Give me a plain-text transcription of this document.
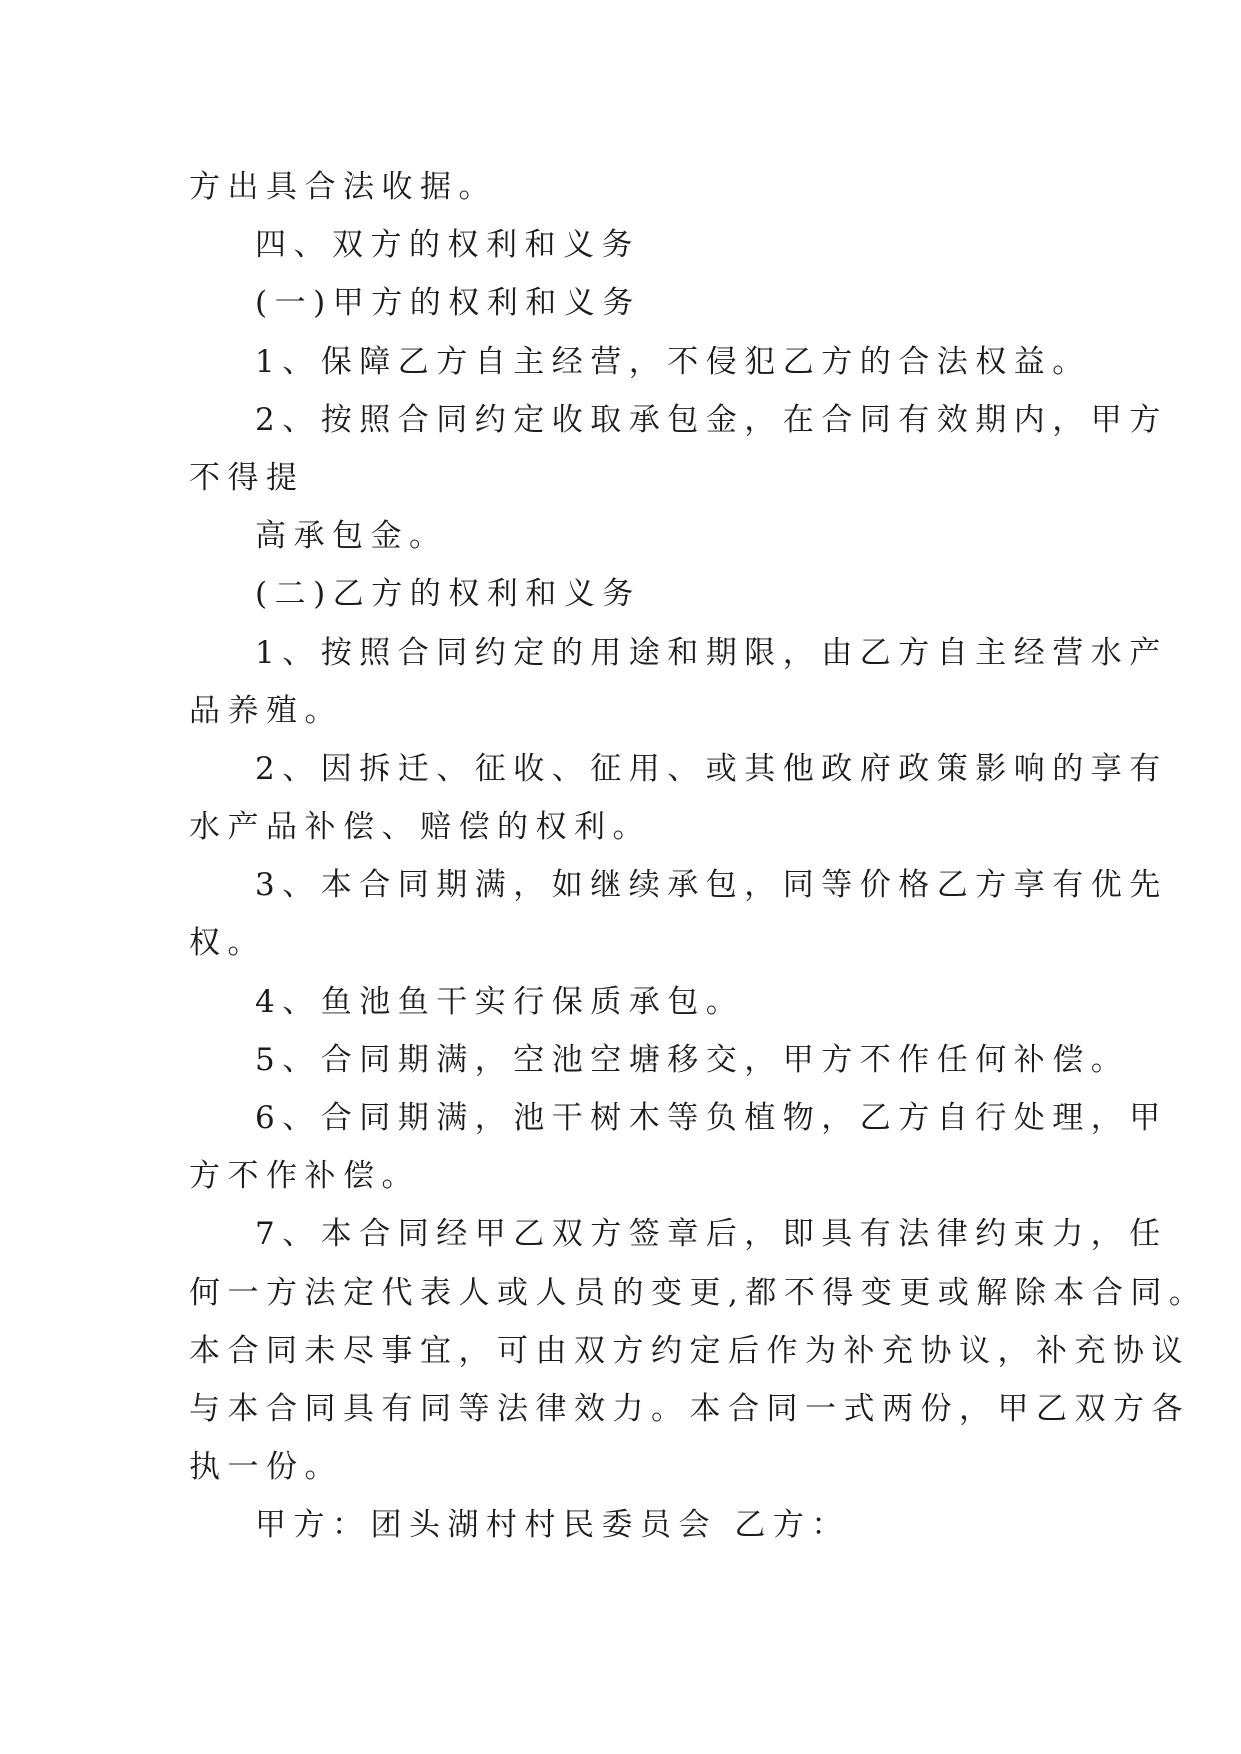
方出具合法收据。
四、双方的权利和义务
(一)甲方的权利和义务
1、保障乙方自主经营，不侵犯乙方的合法权益。
2、按照合同约定收取承包金，在合同有效期内，甲方
不得提
高承包金。
(二)乙方的权利和义务
1、按照合同约定的用途和期限，由乙方自主经营水产
品养殖。
2、因拆迁、征收、征用、或其他政府政策影响的享有
水产品补偿、赔偿的权利。
3、本合同期满，如继续承包，同等价格乙方享有优先
权。
4、鱼池鱼干实行保质承包。
5、合同期满，空池空塘移交，甲方不作任何补偿。
6、合同期满，池干树木等负植物，乙方自行处理，甲
方不作补偿。
7、本合同经甲乙双方签章后，即具有法律约束力，任
何一方法定代表人或人员的变更,都不得变更或解除本合同。
本合同未尽事宜，可由双方约定后作为补充协议，补充协议
与本合同具有同等法律效力。本合同一式两份，甲乙双方各
执一份。
甲方：团头湖村村民委员会 乙方：
